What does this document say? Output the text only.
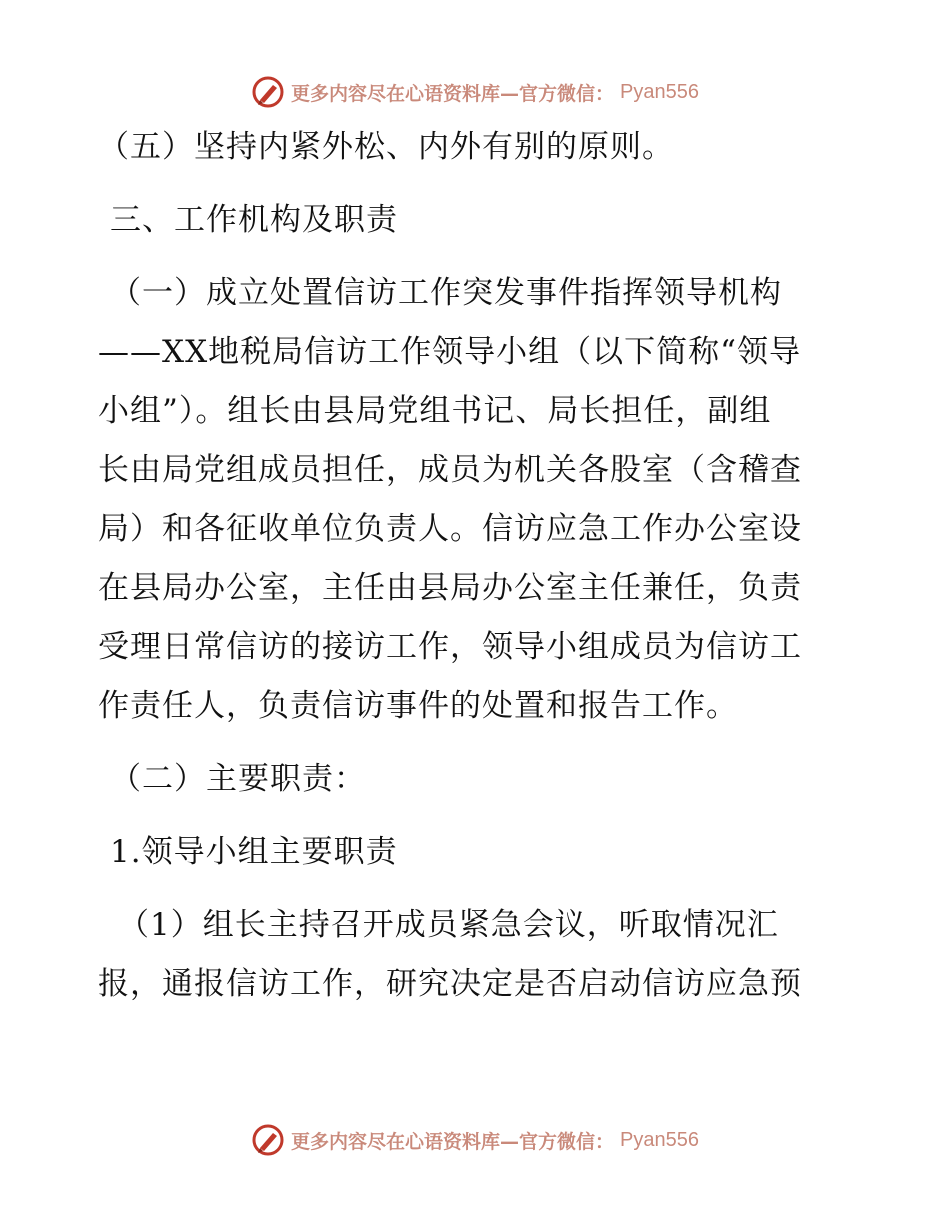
更多内容尽在心语资料库—官方微信： Pyan556
（五）坚持内紧外松、内外有别的原则。
三、工作机构及职责
（一）成立处置信访工作突发事件指挥领导机构
——XX地税局信访工作领导小组（以下简称“领导
小组”）。组长由县局党组书记、局长担任，副组
长由局党组成员担任，成员为机关各股室（含稽查
局）和各征收单位负责人。信访应急工作办公室设
在县局办公室，主任由县局办公室主任兼任，负责
受理日常信访的接访工作，领导小组成员为信访工
作责任人，负责信访事件的处置和报告工作。
（二）主要职责：
1.领导小组主要职责
（1）组长主持召开成员紧急会议，听取情况汇
报，通报信访工作，研究决定是否启动信访应急预
更多内容尽在心语资料库—官方微信： Pyan556
